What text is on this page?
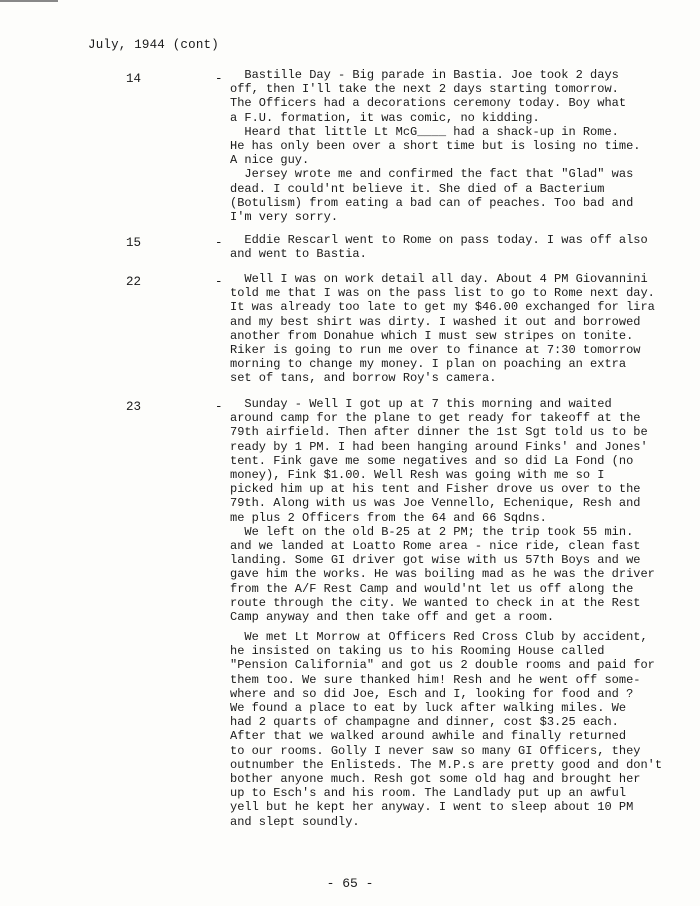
July, 1944 (cont)
14	- Bastille Day - Big parade in Bastia. Joe took 2 days
off, then I'll take the next 2 days starting tomorrow.
The Officers had a decorations ceremony today. Boy what
a F.U. formation, it was comic, no kidding.
Heard that little Lt McG____ had a shack-up in Rome.
He has only been over a short time but is losing no time.
A nice guy.
Jersey wrote me and confirmed the fact that "Glad" was
dead. I could'nt believe it. She died of a Bacterium
(Botulism) from eating a bad can of peaches. Too bad and
I'm very sorry.
15	- Eddie Rescarl went to Rome on pass today. I was off also
and went to Bastia.
22	- Well I was on work detail all day. About 4 PM Giovannini
told me that I was on the pass list to go to Rome next day.
It was already too late to get my $46.00 exchanged for lira
and my best shirt was dirty. I washed it out and borrowed
another from Donahue which I must sew stripes on tonite.
Riker is going to run me over to finance at 7:30 tomorrow
morning to change my money. I plan on poaching an extra
set of tans, and borrow Roy's camera.
23	- Sunday - Well I got up at 7 this morning and waited
around camp for the plane to get ready for takeoff at the
79th airfield. Then after dinner the 1st Sgt told us to be
ready by 1 PM. I had been hanging around Finks' and Jones'
tent. Fink gave me some negatives and so did La Fond (no
money), Fink $1.00. Well Resh was going with me so I
picked him up at his tent and Fisher drove us over to the
79th. Along with us was Joe Vennello, Echenique, Resh and
me plus 2 Officers from the 64 and 66 Sqdns.
We left on the old B-25 at 2 PM; the trip took 55 min.
and we landed at Loatto Rome area - nice ride, clean fast
landing. Some GI driver got wise with us 57th Boys and we
gave him the works. He was boiling mad as he was the driver
from the A/F Rest Camp and would'nt let us off along the
route through the city. We wanted to check in at the Rest
Camp anyway and then take off and get a room.
We met Lt Morrow at Officers Red Cross Club by accident,
he insisted on taking us to his Rooming House called
"Pension California" and got us 2 double rooms and paid for
them too. We sure thanked him! Resh and he went off some-
where and so did Joe, Esch and I, looking for food and ?
We found a place to eat by luck after walking miles. We
had 2 quarts of champagne and dinner, cost $3.25 each.
After that we walked around awhile and finally returned
to our rooms. Golly I never saw so many GI Officers, they
outnumber the Enlisteds. The M.P.s are pretty good and don't
bother anyone much. Resh got some old hag and brought her
up to Esch's and his room. The Landlady put up an awful
yell but he kept her anyway. I went to sleep about 10 PM
and slept soundly.
- 65 -
